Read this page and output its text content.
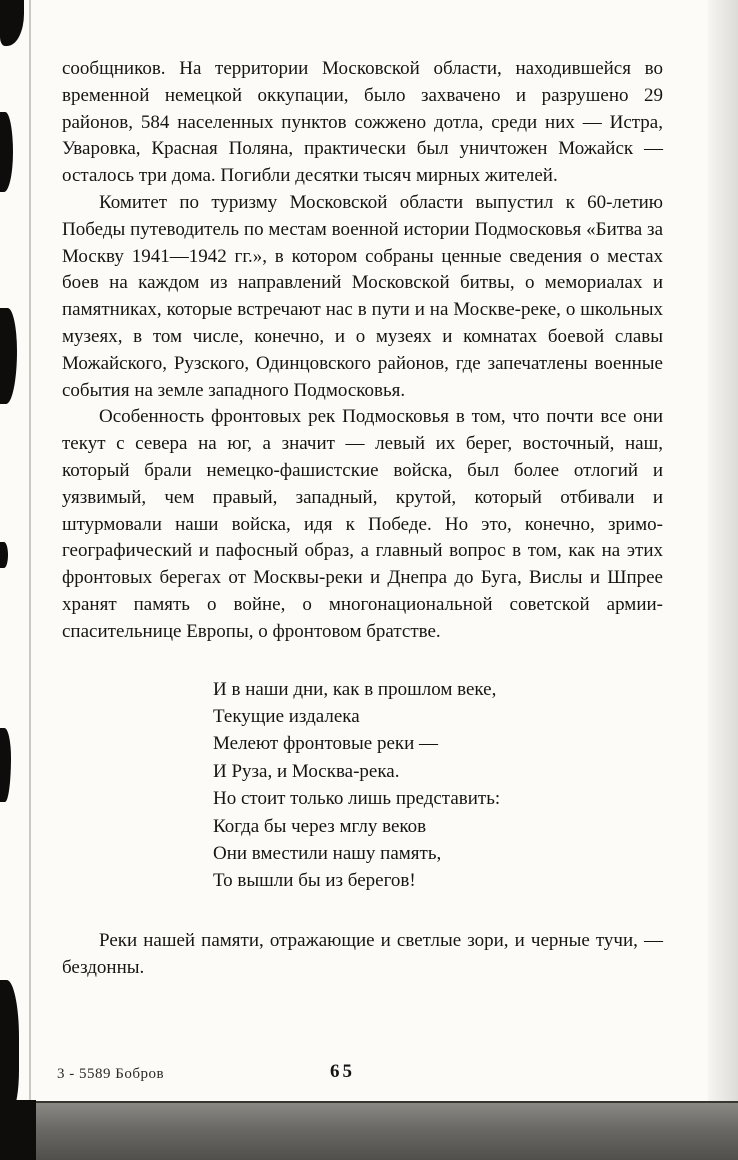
сообщников. На территории Московской области, находившейся во временной немецкой оккупации, было захвачено и разрушено 29 районов, 584 населенных пунктов сожжено дотла, среди них — Истра, Уваровка, Красная Поляна, практически был уничтожен Можайск — осталось три дома. Погибли десятки тысяч мирных жителей.

Комитет по туризму Московской области выпустил к 60-летию Победы путеводитель по местам военной истории Подмосковья «Битва за Москву 1941—1942 гг.», в котором собраны ценные сведения о местах боев на каждом из направлений Московской битвы, о мемориалах и памятниках, которые встречают нас в пути и на Москве-реке, о школьных музеях, в том числе, конечно, и о музеях и комнатах боевой славы Можайского, Рузского, Одинцовского районов, где запечатлены военные события на земле западного Подмосковья.

Особенность фронтовых рек Подмосковья в том, что почти все они текут с севера на юг, а значит — левый их берег, восточный, наш, который брали немецко-фашистские войска, был более отлогий и уязвимый, чем правый, западный, крутой, который отбивали и штурмовали наши войска, идя к Победе. Но это, конечно, зримо-географический и пафосный образ, а главный вопрос в том, как на этих фронтовых берегах от Москвы-реки и Днепра до Буга, Вислы и Шпрее хранят память о войне, о многонациональной советской армии-спасительнице Европы, о фронтовом братстве.

И в наши дни, как в прошлом веке,
Текущие издалека
Мелеют фронтовые реки —
И Руза, и Москва-река.
Но стоит только лишь представить:
Когда бы через мглу веков
Они вместили нашу память,
То вышли бы из берегов!

Реки нашей памяти, отражающие и светлые зори, и черные тучи, — бездонны.

3 - 5589 Бобров	65
